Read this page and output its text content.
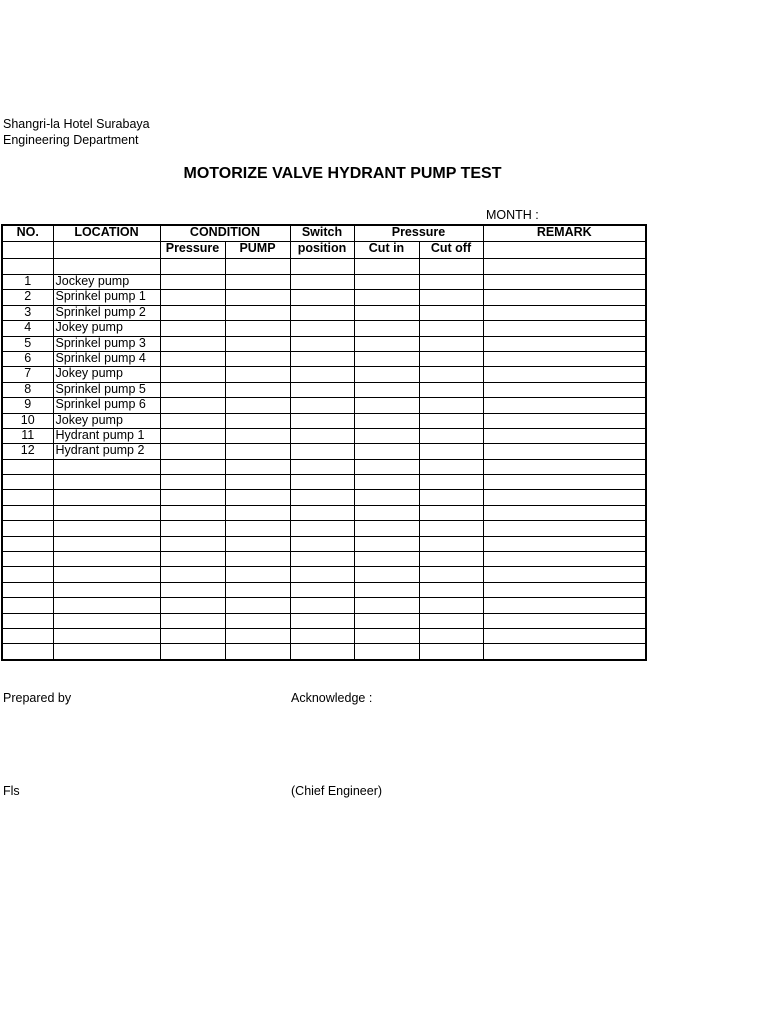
Shangri-la Hotel Surabaya
Engineering Department
MOTORIZE VALVE HYDRANT PUMP TEST
MONTH :
NO.	LOCATION	CONDITION		Switch	Pressure		REMARK
		Pressure	PUMP	position	Cut in	Cut off	

1	Jockey pump						
2	Sprinkel pump 1						
3	Sprinkel pump 2						
4	Jokey pump						
5	Sprinkel pump 3						
6	Sprinkel pump 4						
7	Jokey pump						
8	Sprinkel pump 5						
9	Sprinkel pump 6						
10	Jokey pump						
11	Hydrant pump 1						
12	Hydrant pump 2						

Prepared by	Acknowledge :
Fls	(Chief Engineer)
